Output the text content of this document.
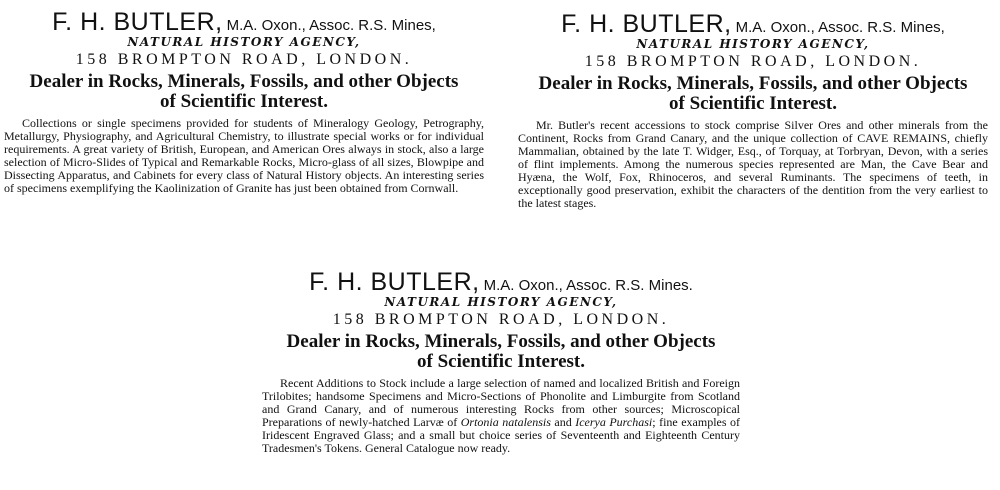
F. H. BUTLER, M.A. Oxon., Assoc. R.S. Mines,
NATURAL HISTORY AGENCY,
158 BROMPTON ROAD, LONDON.
Dealer in Rocks, Minerals, Fossils, and other Objects
of Scientific Interest.

Collections or single specimens provided for students of Mineralogy Geology, Petrography, Metallurgy, Physiography, and Agricultural Chemistry, to illustrate special works or for individual requirements. A great variety of British, European, and American Ores always in stock, also a large selection of Micro-Slides of Typical and Remarkable Rocks, Micro-glass of all sizes, Blowpipe and Dissecting Apparatus, and Cabinets for every class of Natural History objects. An interesting series of specimens exemplifying the Kaolinization of Granite has just been obtained from Cornwall.

F. H. BUTLER, M.A. Oxon., Assoc. R.S. Mines,
NATURAL HISTORY AGENCY,
158 BROMPTON ROAD, LONDON.
Dealer in Rocks, Minerals, Fossils, and other Objects
of Scientific Interest.

Mr. Butler's recent accessions to stock comprise Silver Ores and other minerals from the Continent, Rocks from Grand Canary, and the unique collection of CAVE REMAINS, chiefly Mammalian, obtained by the late T. Widger, Esq., of Torquay, at Torbryan, Devon, with a series of flint implements. Among the numerous species represented are Man, the Cave Bear and Hyæna, the Wolf, Fox, Rhinoceros, and several Ruminants. The specimens of teeth, in exceptionally good preservation, exhibit the characters of the dentition from the very earliest to the latest stages.

F. H. BUTLER, M.A. Oxon., Assoc. R.S. Mines.
NATURAL HISTORY AGENCY,
158 BROMPTON ROAD, LONDON.
Dealer in Rocks, Minerals, Fossils, and other Objects
of Scientific Interest.

Recent Additions to Stock include a large selection of named and localized British and Foreign Trilobites; handsome Specimens and Micro-Sections of Phonolite and Limburgite from Scotland and Grand Canary, and of numerous interesting Rocks from other sources; Microscopical Preparations of newly-hatched Larvæ of Ortonia natalensis and Icerya Purchasi; fine examples of Iridescent Engraved Glass; and a small but choice series of Seventeenth and Eighteenth Century Tradesmen's Tokens. General Catalogue now ready.
